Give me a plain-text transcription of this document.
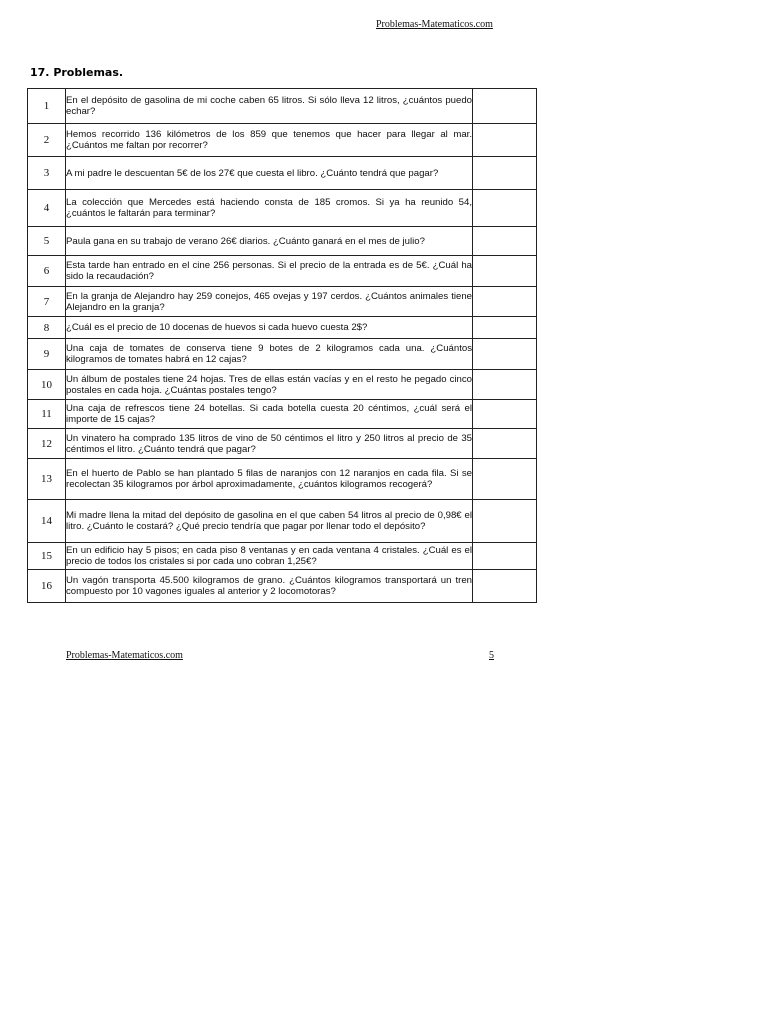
Problemas-Matematicos.com
17. Problemas.
1	En el depósito de gasolina de mi coche caben 65 litros. Si sólo lleva 12 litros, ¿cuántos puedo echar?	
2	Hemos recorrido 136 kilómetros de los 859 que tenemos que hacer para llegar al mar. ¿Cuántos me faltan por recorrer?	
3	A mi padre le descuentan 5€ de los 27€ que cuesta el libro. ¿Cuánto tendrá que pagar?	
4	La colección que Mercedes está haciendo consta de 185 cromos. Si ya ha reunido 54, ¿cuántos le faltarán para terminar?	
5	Paula gana en su trabajo de verano 26€ diarios. ¿Cuánto ganará en el mes de julio?	
6	Esta tarde han entrado en el cine 256 personas. Si el precio de la entrada es de 5€. ¿Cuál ha sido la recaudación?	
7	En la granja de Alejandro hay 259 conejos, 465 ovejas y 197 cerdos. ¿Cuántos animales tiene Alejandro en la granja?	
8	¿Cuál es el precio de 10 docenas de huevos si cada huevo cuesta 2$?	
9	Una caja de tomates de conserva tiene 9 botes de 2 kilogramos cada una. ¿Cuántos kilogramos de tomates habrá en 12 cajas?	
10	Un álbum de postales tiene 24 hojas. Tres de ellas están vacías y en el resto he pegado cinco postales en cada hoja. ¿Cuántas postales tengo?	
11	Una caja de refrescos tiene 24 botellas. Si cada botella cuesta 20 céntimos, ¿cuál será el importe de 15 cajas?	
12	Un vinatero ha comprado 135 litros de vino de 50 céntimos el litro y 250 litros al precio de 35 céntimos el litro. ¿Cuánto tendrá que pagar?	
13	En el huerto de Pablo se han plantado 5 filas de naranjos con 12 naranjos en cada fila. Si se recolectan 35 kilogramos por árbol aproximadamente, ¿cuántos kilogramos recogerá?	
14	Mi madre llena la mitad del depósito de gasolina en el que caben 54 litros al precio de 0,98€ el litro. ¿Cuánto le costará? ¿Qué precio tendría que pagar por llenar todo el depósito?	
15	En un edificio hay 5 pisos; en cada piso 8 ventanas y en cada ventana 4 cristales. ¿Cuál es el precio de todos los cristales si por cada uno cobran 1,25€?	
16	Un vagón transporta 45.500 kilogramos de grano. ¿Cuántos kilogramos transportará un tren compuesto por 10 vagones iguales al anterior y 2 locomotoras?	
Problemas-Matematicos.com	5
